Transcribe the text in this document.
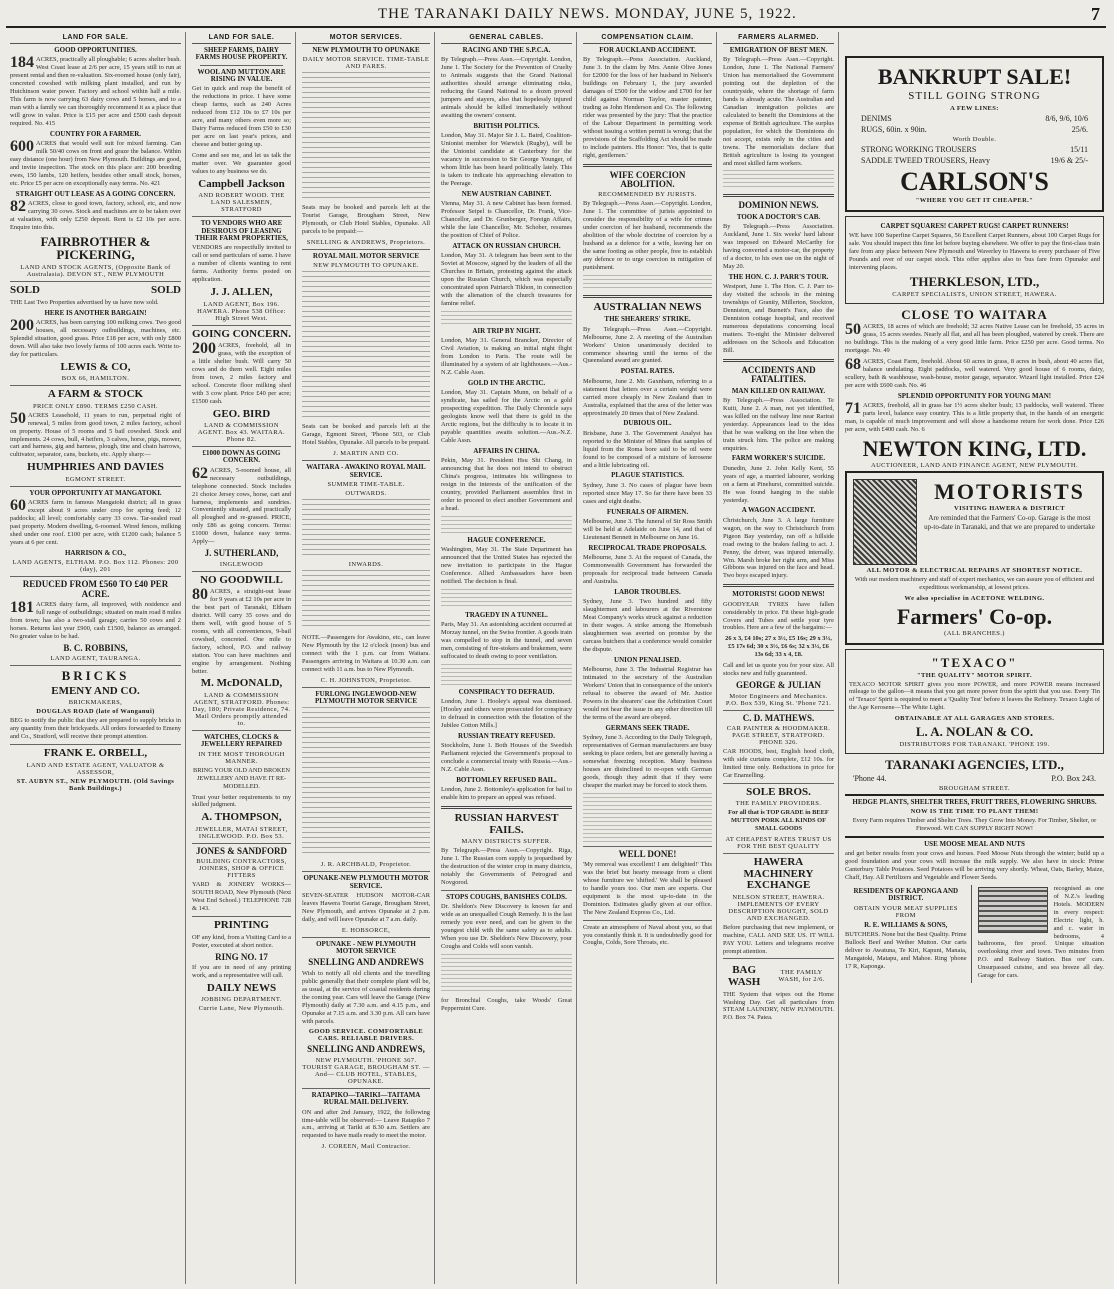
THE TARANAKI DAILY NEWS. MONDAY, JUNE 5, 1922.	7
LAND FOR SALE.
GOOD OPPORTUNITIES.
184 ACRES, practically all ploughable; 6 acres shelter bush. West Coast lease at 2/6 per acre, 15 years still to run at present rental and then re-valuation. Six-roomed house (only fair), concreted cowshed with milking plant installed, and run by Hutchinson water power. Factory and school within half a mile. This farm is now carrying 63 dairy cows and 5 horses, and to a man with a family we can thoroughly recommend it as a place that will grow in value. Price is £15 per acre and £500 cash deposit required. No. 415
COUNTRY FOR A FARMER.
600 ACRES that would well suit for mixed farming. Can milk 50/40 cows on front and graze the balance. Within easy distance (one hour) from New Plymouth. Buildings are good, and invite inspection. The stock on this place are: 200 breeding ewes, 150 lambs, 120 heifers, besides other small stock, horses, etc. Price £5 per acre on exceptionally easy terms. No. 421
STRAIGHT OUT LEASE AS A GOING CONCERN.
82 ACRES, close to good town, factory, school, etc, and now carrying 30 cows. Stock and machines are to be taken over at valuation, with only £250 deposit. Rent is £2 10s per acre. Enquire into this.
FAIRBROTHER & PICKERING,
LAND AND STOCK AGENTS, (Opposite Bank of Australasia). DEVON ST., NEW PLYMOUTH
SOLD	SOLD
THE Last Two Properties advertised by us have now sold.
HERE IS ANOTHER BARGAIN!
200 ACRES, has been carrying 100 milking cows. Two good houses, all necessary outbuildings, machines, etc. Splendid situation, good grass. Price £18 per acre, with only £800 down. Will also take two lovely farms of 100 acres each. Write to-day for particulars.
LEWIS & CO,
BOX 66, HAMILTON.
A FARM & STOCK
PRICE ONLY £890. TERMS £250 CASH.
50 ACRES Leasehold, 11 years to run, perpetual right of renewal, 5 miles from good town, 2 miles factory, school on property. House of 5 rooms and 5 bail cowshed. Stock and implements. 24 cows, bull, 4 heifers, 3 calves, horse, pigs, mower, cart and harness, gig and harness, plough, tine and chain harrows, cultivator, separator, cans, buckets, etc. Apply sharp:—
HUMPHRIES AND DAVIES
EGMONT STREET.
YOUR OPPORTUNITY AT MANGATOKI.
60 ACRES farm in famous Mangatoki district; all in grass except about 9 acres under crop for spring feed; 12 paddocks; all level; comfortably carry 33 cows. Tar-sealed road past property. Modern dwelling, 6-roomed. Wired fences, milking shed under one roof. £100 per acre, with £1200 cash; balance 5 years at 6 per cent.
HARRISON & CO.,
LAND AGENTS, ELTHAM. P.O. Box 112. Phones: 200 (day), 201
REDUCED FROM £560 TO £40 PER ACRE.
181 ACRES dairy farm, all improved, with residence and full range of outbuildings; situated on main road 8 miles from town; has also a two-stall garage; carries 50 cows and 2 horses. Returns last year £900, cash £1500, balance as arranged. No greater value to be had.
B. C. ROBBINS,
LAND AGENT, TAURANGA.
BRICKS
EMENY AND CO.
BRICKMAKERS,
DOUGLAS ROAD (late of Wanganui)
BEG to notify the public that they are prepared to supply bricks in any quantity from their brickyards. All orders forwarded to Emeny and Co., Stratford, will receive their prompt attention.
FRANK E. ORBELL,
LAND AND ESTATE AGENT, VALUATOR & ASSESSOR,
ST. AUBYN ST., NEW PLYMOUTH. (Old Savings Bank Buildings.)
LAND FOR SALE.
SHEEP FARMS, DAIRY FARMS HOUSE PROPERTY.
WOOL AND MUTTON ARE RISING IN VALUE.
Get in quick and reap the benefit of the reductions in price. I have some cheap farms, such as 240 Acres reduced from £12 10s to £7 10s per acre, and many others even more so; Dairy Farms reduced from £50 to £30 per acre on last year's prices, and cheese and butter going up.
Come and see me, and let us talk the matter over. We guarantee good values to any business we do.
Campbell Jackson
AND ROBERT WOOD. THE LAND SALESMEN, STRATFORD
TO VENDORS WHO ARE DESIROUS OF LEASING THEIR FARM PROPERTIES,
VENDORS are respectfully invited to call or send particulars of same. I have a number of clients wanting to rent farms. Authority forms posted on application.
J. J. ALLEN,
LAND AGENT, Box 196. HAWERA. Phone 538 Office: High Street West.
GOING CONCERN.
200 ACRES, freehold, all in grass, with the exception of a little shelter bush. Will carry 50 cows and do them well. Eight miles from town, 2 miles factory and school. Concrete floor milking shed with 3 cow plant. Price £40 per acre; £1500 cash.
GEO. BIRD
LAND & COMMISSION AGENT. Box 43. WAITARA. Phone 82.
£1000 DOWN AS GOING CONCERN.
62 ACRES, 5-roomed house, all necessary outbuildings, telephone connected. Stock includes 21 choice Jersey cows, horse, cart and harness, implements and sundries. Conveniently situated, and practically all ploughed and re-grassed. PRICE, only £86 as going concern. Terms: £1000 down, balance easy terms. Apply—
J. SUTHERLAND,
INGLEWOOD
NO GOODWILL
80 ACRES, a straight-out lease for 9 years at £2 10s per acre in the best part of Taranaki, Eltham district. Will carry 35 cows and do them well, with good house of 5 rooms, with all conveniences, 9-bail cowshed, concreted. One mile to factory, school, P.O. and railway station. You can have machines and engine by arrangement. Nothing better.
M. McDONALD,
LAND & COMMISSION AGENT, STRATFORD. Phones: Day, 180; Private Residence, 74. Mail Orders promptly attended to.
WATCHES, CLOCKS & JEWELLERY REPAIRED
IN THE MOST THOROUGH MANNER.
BRING YOUR OLD AND BROKEN JEWELLERY AND HAVE IT RE-MODELLED.
Trust your better requirements to my skilled judgment.
A. THOMPSON,
JEWELLER, MATAI STREET, INGLEWOOD. P.O. Box 53.
JONES & SANDFORD
BUILDING CONTRACTORS, JOINERS, SHOP & OFFICE FITTERS
YARD & JOINERY WORKS— SOUTH ROAD, New Plymouth (Next West End School.) TELEPHONE 728 & 143.
PRINTING
OF any kind, from a Visiting Card to a Poster, executed at short notice.
RING NO. 17
If you are in need of any printing work, and a representative will call.
DAILY NEWS
JOBBING DEPARTMENT.
Currie Lane, New Plymouth.
MOTOR SERVICES.
NEW PLYMOUTH TO OPUNAKE
DAILY MOTOR SERVICE. TIME-TABLE AND FARES.
Seats may be booked and parcels left at the Tourist Garage, Brougham Street, New Plymouth, or Club Hotel Stables, Opunake. All parcels to be prepaid:—
SNELLING & ANDREWS, Proprietors.
ROYAL MAIL MOTOR SERVICE
NEW PLYMOUTH TO OPUNAKE.
Seats can be booked and parcels left at the Garage, Egmont Street, 'Phone 503, or Club Hotel Stables, Opunake. All parcels to be prepaid.
J. MARTIN AND CO.
WAITARA - AWAKINO ROYAL MAIL SERVICE.
SUMMER TIME-TABLE.
OUTWARDS.
INWARDS.
NOTE.—Passengers for Awakino, etc., can leave New Plymouth by the 12 o'clock (noon) bus and connect with the 1 p.m. car from Waitara. Passengers arriving in Waitara at 10.30 a.m. can connect with 11 a.m. bus to New Plymouth.
C. H. JOHNSTON, Proprietor.
FURLONG INGLEWOOD-NEW PLYMOUTH MOTOR SERVICE
J. R. ARCHBALD, Proprietor.
OPUNAKE-NEW PLYMOUTH MOTOR SERVICE.
SEVEN-SEATER HUDSON MOTOR-CAR leaves Hawera Tourist Garage, Brougham Street, New Plymouth, and arrives Opunake at 2 p.m. daily, and will leave Opunake at 7 a.m. daily.
E. HOBSORCE,
OPUNAKE - NEW PLYMOUTH MOTOR SERVICE
SNELLING AND ANDREWS
Wish to notify all old clients and the travelling public generally that their complete plant will be, as usual, at the service of coastal residents during the coming year. Cars will leave the Garage (New Plymouth) daily at 7.30 a.m. and 4.15 p.m., and Opunake at 7.15 a.m. and 3.30 p.m. All cars have with parcels.
GOOD SERVICE. COMFORTABLE CARS. RELIABLE DRIVERS.
SNELLING AND ANDREWS,
NEW PLYMOUTH. 'PHONE 367. TOURIST GARAGE, BROUGHAM ST. —And— CLUB HOTEL, STABLES, OPUNAKE.
RATAPIKO—TARIKI—TAITAMA RURAL MAIL DELIVERY.
ON and after 2nd January, 1922, the following time-table will be observed:— Leave Ratapiko 7 a.m., arriving at Tariki at 8.30 a.m. Settlers are requested to have mails ready to meet the motor.
J. COREEN, Mail Contractor.
GENERAL CABLES.
RACING AND THE S.P.C.A.
By Telegraph.—Press Assn.—Copyright. London, June 1. The Society for the Prevention of Cruelty to Animals suggests that the Grand National authorities should arrange eliminating risks, reducing the Grand National to a dozen proved jumpers and stayers, also that hopelessly injured animals should be killed immediately without awaiting the owners' consent.
BRITISH POLITICS.
London, May 31. Major Sir J. L. Baird, Coalition-Unionist member for Warwick (Rugby), will be the Unionist candidate at Canterbury for the vacancy in succession to Sir George Younger, of whom little has been heard politically lately. This is taken to indicate his approaching elevation to the Peerage.
NEW AUSTRIAN CABINET.
Vienna, May 31. A new Cabinet has been formed. Professor Seipel is Chancellor, Dr. Frank, Vice-Chancellor, and Dr. Grunberger, Foreign Affairs, while the late Chancellor, Mr. Schober, resumes the position of Chief of Police.
ATTACK ON RUSSIAN CHURCH.
London, May 31. A telegram has been sent to the Soviet at Moscow, signed by the leaders of all the Churches in Britain, protesting against the attack upon the Russian Church, which was especially concentrated upon Patriarch Tikhon, in connection with the alienation of the church treasures for famine relief.
AIR TRIP BY NIGHT.
London, May 31. General Brancker, Director of Civil Aviation, is making an initial night flight from London to Paris. The route will be illuminated by a system of air lighthouses.—Aus.-N.Z. Cable Assn.
GOLD IN THE ARCTIC.
London, May 31. Captain Munn, on behalf of a syndicate, has sailed for the Arctic on a gold prospecting expedition. The Daily Chronicle says geologists know well that there is gold in the Arctic regions, but the difficulty is to locate it in payable quantities awaits solution.—Aus.-N.Z. Cable Assn.
AFFAIRS IN CHINA.
Pekin, May 31. President Hsu Shi Chang, in announcing that he does not intend to obstruct China's progress, intimates his willingness to resign in the interests of the unification of the country, provided Parliament assembles first in order to proceed to elect another Government and a head.
HAGUE CONFERENCE.
Washington, May 31. The State Department has announced that the United States has rejected the new invitation to participate in the Hague Conference. Allied Ambassadors have been notified. The decision is final.
TRAGEDY IN A TUNNEL.
Paris, May 31. An astonishing accident occurred at Morzay tunnel, on the Swiss frontier. A goods train was compelled to stop in the tunnel, and seven men, consisting of fire-stokers and brakemen, were suffocated to death owing to poor ventilation.
CONSPIRACY TO DEFRAUD.
London, June 1. Hooley's appeal was dismissed. [Hooley and others were prosecuted for conspiracy to defraud in connection with the flotation of the Jubilee Cotton Mills.]
RUSSIAN TREATY REFUSED.
Stockholm, June 1. Both Houses of the Swedish Parliament rejected the Government's proposal to conclude a commercial treaty with Russia.—Aus.-N.Z. Cable Assn.
BOTTOMLEY REFUSED BAIL.
London, June 2. Bottomley's application for bail to enable him to prepare an appeal was refused.
RUSSIAN HARVEST FAILS.
MANY DISTRICTS SUFFER.
By Telegraph.—Press Assn.—Copyright. Riga, June 1. The Russian corn supply is jeopardised by the destruction of the winter crop in many districts, notably the Governments of Petrograd and Novgorod.
STOPS COUGHS, BANISHES COLDS.
Dr. Sheldon's New Discovery is known far and wide as an unequalled Cough Remedy. It is the last remedy you ever need, and can be given to the youngest child with the same safety as to adults. When you use Dr. Sheldon's New Discovery, your Coughs and Colds will soon vanish.
for Bronchial Coughs, take Woods' Great Peppermint Cure.
COMPENSATION CLAIM.
FOR AUCKLAND ACCIDENT.
By Telegraph.—Press Association. Auckland, June 3. In the claim by Mrs. Annie Olive Jones for £2000 for the loss of her husband in Nelson's buildings on February 1, the jury awarded damages of £500 for the widow and £700 for her child against Norman Taylor, master painter, trading as John Henderson and Co. The following rider was presented by the jury: That the practice of the Labour Department in permitting work without issuing a written permit is wrong; that the provisions of the Scaffolding Act should be made to include painters. His Honor: 'Yes, that is quite right, gentlemen.'
WIFE COERCION ABOLITION.
RECOMMENDED BY JURISTS.
By Telegraph.—Press Assn.—Copyright. London, June 1. The committee of jurists appointed to consider the responsibility of a wife for crimes under coercion of her husband, recommends the abolition of the whole doctrine of coercion by a husband as a defence for a wife, leaving her on the same footing as other people, free to establish any defence or to urge coercion in mitigation of punishment.
AUSTRALIAN NEWS
THE SHEARERS' STRIKE.
By Telegraph.—Press Assn.—Copyright. Melbourne, June 2. A meeting of the Australian Workers' Union unanimously decided to commence shearing until the terms of the Queensland award are granted.
POSTAL RATES.
Melbourne, June 2. Mr. Gaxnham, referring to a statement that letters over a certain weight were carried more cheaply in New Zealand than in Australia, explained that the area of the letter was approximately 20 times that of New Zealand.
DUBIOUS OIL.
Brisbane, June 3. The Government Analyst has reported to the Minister of Mines that samples of liquid from the Roma bore said to be oil were found to be composed of a mixture of kerosene and a little lubricating oil.
PLAGUE STATISTICS.
Sydney, June 3. No cases of plague have been reported since May 17. So far there have been 33 cases and eight deaths.
FUNERALS OF AIRMEN.
Melbourne, June 3. The funeral of Sir Ross Smith will be held at Adelaide on June 14, and that of Lieutenant Bennett in Melbourne on June 16.
RECIPROCAL TRADE PROPOSALS.
Melbourne, June 3. At the request of Canada, the Commonwealth Government has forwarded the proposals for reciprocal trade between Canada and Australia.
LABOR TROUBLES.
Sydney, June 3. Two hundred and fifty slaughtermen and labourers at the Riverstone Meat Company's works struck against a reduction in their wages. A strike among the Homebush slaughtermen was averted on promise by the carcass butchers that a conference would consider the dispute.
UNION PENALISED.
Melbourne, June 3. The Industrial Registrar has intimated to the secretary of the Australian Workers' Union that in consequence of the union's refusal to observe the award of Mr. Justice Powers in the shearers' case the Arbitration Court would not hear the issue in any other direction till the terms of the award are obeyed.
GERMANS SEEK TRADE.
Sydney, June 3. According to the Daily Telegraph, representatives of German manufacturers are busy seeking to place orders, but are generally having a somewhat freezing reception. Many business houses are disinclined to re-open with German goods, though they admit that if they were cheaper the market may be forced to stock them.
WELL DONE!
'My removal was excellent! I am delighted!' This was the brief but hearty message from a client whose furniture we 'shifted.' We shall be pleased to handle yours too. Our men are experts. Our equipment is the most up-to-date in the Dominion. Estimates gladly given at our office. The New Zealand Express Co., Ltd.
Create an atmosphere of Naval about you, so that you constantly think it. It is undoubtedly good for Coughs, Colds, Sore Throats, etc.
FARMERS ALARMED.
EMIGRATION OF BEST MEN.
By Telegraph.—Press Assn.—Copyright. London, June 1. The National Farmers' Union has memorialised the Government pointing out the depletion of the countryside, where the shortage of farm hands is already acute. The Australian and Canadian immigration policies are calculated to benefit the Dominions at the expense of British agriculture. The surplus population, for which the Dominions do not accept, exists only in the cities and towns. The memorialists declare that British agriculture is losing its youngest and most skilled farm workers.
DOMINION NEWS.
TOOK A DOCTOR'S CAB.
By Telegraph.—Press Association. Auckland, June 1. Six weeks' hard labour was imposed on Edward McCarthy for having converted a motor-car, the property of a doctor, to his own use on the night of May 20.
THE HON. C. J. PARR'S TOUR.
Westport, June 1. The Hon. C. J. Parr to-day visited the schools in the mining townships of Granity, Millerton, Stockton, Denniston, and Burnett's Face, also the Denniston cottage hospital, and received numerous deputations concerning local matters. To-night the Minister delivered addresses on the Schools and Education Bill.
ACCIDENTS AND FATALITIES.
MAN KILLED ON RAILWAY.
By Telegraph.—Press Association. Te Kuiti, June 2. A man, not yet identified, was killed on the railway line near Rarirai yesterday. Appearances lead to the idea that he was walking on the line when the train struck him. The police are making enquiries.
FARM WORKER'S SUICIDE.
Dunedin, June 2. John Kelly Kent, 55 years of age, a married labourer, working on a farm at Pinehurst, committed suicide. He was found hanging in the stable yesterday.
A WAGON ACCIDENT.
Christchurch, June 3. A large furniture wagon, on the way to Christchurch from Pigeon Bay yesterday, ran off a hillside road owing to the brakes failing to act. J. Penny, the driver, was injured internally. Wm. Marsh broke her right arm, and Miss Gibbons was injured on the face and head. Two boys escaped injury.
MOTORISTS! GOOD NEWS!
GOODYEAR TYRES have fallen considerably in price. Fit these high-grade Covers and Tubes and settle your tyre troubles. Here are a few of the bargains:—
26 x 3, £4 10s; 27 x 3½, £5 16s; 29 x 3½, £5 17s 6d; 30 x 3½, £6 6s; 32 x 3½, £6 13s 6d; 33 x 4, £8.
Call and let us quote you for your size. All stocks new and fully guaranteed.
GEORGE & JULIAN
Motor Engineers and Mechanics. P.O. Box 539, King St. 'Phone 721.
C. D. MATHEWS.
CAR PAINTER & HOODMAKER. PAGE STREET, STRATFORD. PHONE 326.
CAR HOODS, best, English hood cloth, with side curtains complete, £12 10s. for limited time only. Reductions in price for Car Enamelling.
SOLE BROS.
THE FAMILY PROVIDERS.
For all that is TOP GRADE in BEEF MUTTON PORK ALL KINDS OF SMALL GOODS
AT CHEAPEST RATES TRUST US FOR THE BEST QUALITY
HAWERA MACHINERY EXCHANGE
NELSON STREET, HAWERA. IMPLEMENTS OF EVERY DESCRIPTION BOUGHT, SOLD AND EXCHANGED.
Before purchasing that new implement, or machine, CALL AND SEE US. IT WILL PAY YOU. Letters and telegrams receive prompt attention.
BAG WASH
THE FAMILY WASH, for 2/6.
THE System that wipes out the Home Washing Day. Get all particulars from STEAM LAUNDRY, NEW PLYMOUTH. P.O. Box 74. Patea.
BANKRUPT SALE!
STILL GOING STRONG
A FEW LINES:
DENIMS	8/6, 9/6, 10/6
RUGS, 60in. x 90in.	25/6.
Worth Double.
STRONG WORKING TROUSERS	15/11
SADDLE TWEED TROUSERS, Heavy	19/6 & 25/-
CARLSON'S
"WHERE YOU GET IT CHEAPER."
CARPET SQUARES! CARPET RUGS! CARPET RUNNERS!
WE have 100 Superfine Carpet Squares, 56 Excellent Carpet Runners, about 100 Carpet Rugs for sale. You should inspect this fine lot before buying elsewhere. We offer to pay the first-class train fare from any place between New Plymouth and Waverley to Hawera to every purchaser of Five Pounds and over of our carpet stock. This offer applies also to 'bus fare from Opunake and intervening places.
THERKLESON, LTD.,
CARPET SPECIALISTS, UNION STREET, HAWERA.
CLOSE TO WAITARA
50 ACRES, 18 acres of which are freehold; 32 acres Native Lease can be freehold, 35 acres in grass, 15 acres swedes. Nearly all flat, and all has been ploughed, watered by creek. There are no buildings. This is the making of a very good little farm. Price £250 per acre. Good terms. No mortgage. No. 49
68 ACRES, Coast Farm, freehold. About 60 acres in grass, 8 acres in bush, about 40 acres flat, balance undulating. Eight paddocks, well watered. Very good house of 6 rooms, dairy, scullery, bath & washhouse, wash-house, motor garage, separator. Wizard light installed. Price £24 per acre with £600 cash. No. 46
SPLENDID OPPORTUNITY FOR YOUNG MAN!
71 ACRES, freehold, all in grass bar 1½ acres shelter bush; 13 paddocks, well watered. Three parts level, balance easy country. This is a little property that, in the hands of an energetic man, is capable of much improvement and will show a handsome return for work done. Price £26 per acre, with £400 cash. No. 6
NEWTON KING, LTD.
AUCTIONEER, LAND AND FINANCE AGENT, NEW PLYMOUTH.
MOTORISTS
VISITING HAWERA & DISTRICT
Are reminded that the Farmers' Co-op. Garage is the most up-to-date in Taranaki, and that we are prepared to undertake
ALL MOTOR & ELECTRICAL REPAIRS AT SHORTEST NOTICE.
With our modern machinery and staff of expert mechanics, we can assure you of efficient and expeditious workmanship, at lowest prices.
We also specialise in ACETONE WELDING.
Farmers' Co-op.
(ALL BRANCHES.)
"TEXACO"
"THE QUALITY" MOTOR SPIRIT.
TEXACO MOTOR SPIRIT gives you more POWER, and more POWER means increased mileage to the gallon—it means that you get more power from the spirit that you use. Every Tin of 'Texaco' Spirit is required to meet a 'Quality Test' before it leaves the Refinery. Texaco Light of the Age Kerosene—The White Light.
OBTAINABLE AT ALL GARAGES AND STORES.
L. A. NOLAN & CO.
DISTRIBUTORS FOR TARANAKI. 'PHONE 199.
TARANAKI AGENCIES, LTD.,
'Phone 44.	P.O. Box 243.
BROUGHAM STREET.
HEDGE PLANTS, SHELTER TREES, FRUIT TREES, FLOWERING SHRUBS.
NOW IS THE TIME TO PLANT THEM!
Every Farm requires Timber and Shelter Trees. They Grow Into Money. For Timber, Shelter, or Firewood. WE CAN SUPPLY RIGHT NOW!
USE MOOSE MEAL AND NUTS
and get better results from your cows and horses. Feed Moose Nuts through the winter; build up a good foundation and your cows will increase the milk supply. We also have in stock: Prime Canterbury Table Potatoes. Seed Potatoes will be arriving very shortly. Wheat, Oats, Barley, Maize, Chaff, Hay. All Fertilizers and Vegetable and Flower Seeds.
RESIDENTS OF KAPONGA AND DISTRICT.
OBTAIN YOUR MEAT SUPPLIES FROM
R. E. WILLIAMS & SONS,
BUTCHERS. None but the Best Quality. Prime Bullock Beef and Wether Mutton. Our carts deliver to Awatuna, Te Kiri, Kapuni, Manaia, Mangatoki, Matapu, and Mahoe. Ring 'phone 17 R, Kaponga.
recognised as one of N.Z.'s leading Hotels. MODERN in every respect: Electric light, h. and c. water in bedrooms, 4 bathrooms, fire proof. Unique situation overlooking river and town. Two minutes from P.O. and Railway Station. Bus ore' cars. Unsurpassed cuisine, and sea breeze all day. Garage for cars.
